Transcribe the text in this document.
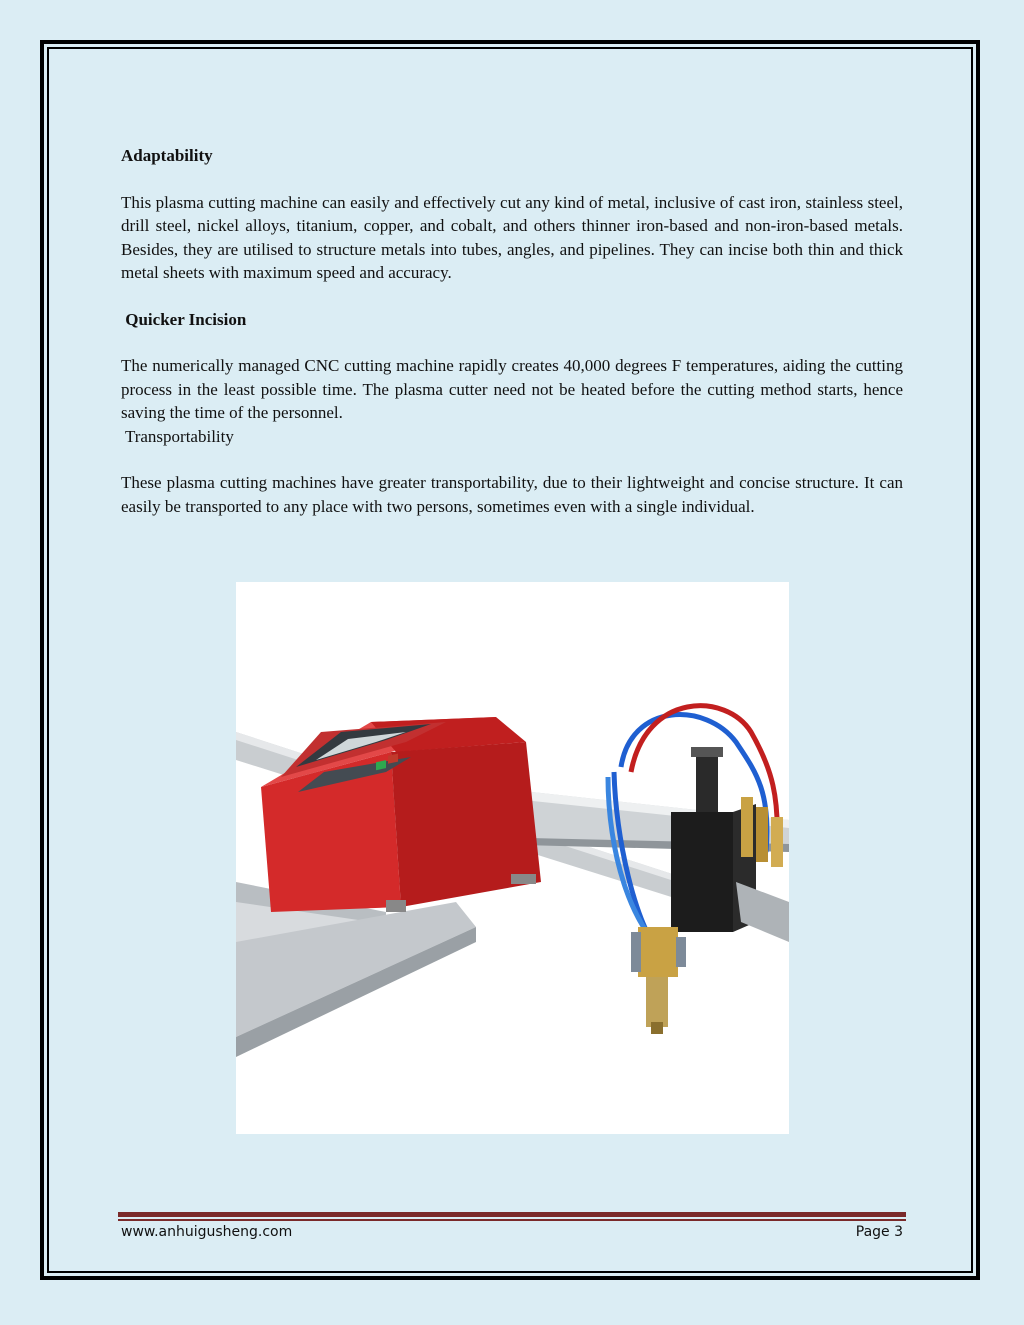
Adaptability

This plasma cutting machine can easily and effectively cut any kind of metal, inclusive of cast iron, stainless steel, drill steel, nickel alloys, titanium, copper, and cobalt, and others thinner iron-based and non-iron-based metals. Besides, they are utilised to structure metals into tubes, angles, and pipelines. They can incise both thin and thick metal sheets with maximum speed and accuracy.

Quicker Incision

The numerically managed CNC cutting machine rapidly creates 40,000 degrees F temperatures, aiding the cutting process in the least possible time. The plasma cutter need not be heated before the cutting method starts, hence saving the time of the personnel.

Transportability

These plasma cutting machines have greater transportability, due to their lightweight and concise structure. It can easily be transported to any place with two persons, sometimes even with a single individual.

www.anhuigusheng.com	Page 3
